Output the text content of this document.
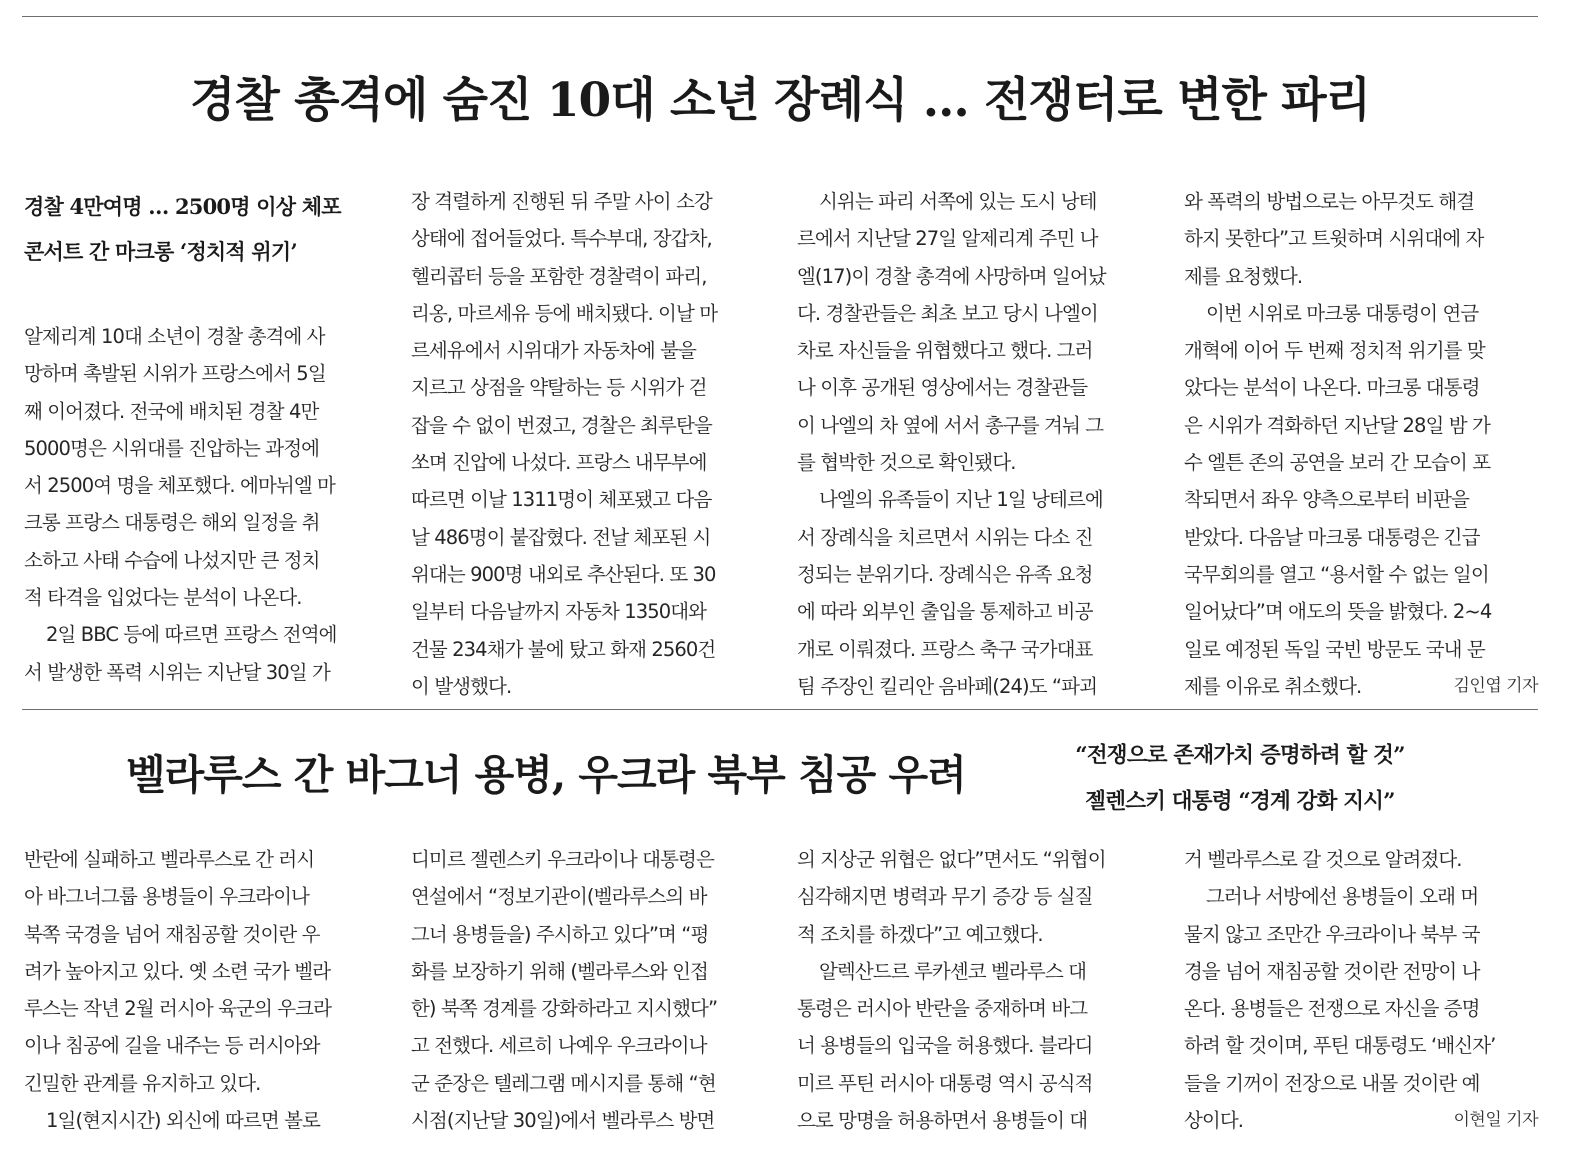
경찰 총격에 숨진 10대 소년 장례식 … 전쟁터로 변한 파리
경찰 4만여명 … 2500명 이상 체포
콘서트 간 마크롱 ‘정치적 위기’
알제리계 10대 소년이 경찰 총격에 사
망하며 촉발된 시위가 프랑스에서 5일
째 이어졌다. 전국에 배치된 경찰 4만
5000명은 시위대를 진압하는 과정에
서 2500여 명을 체포했다. 에마뉘엘 마
크롱 프랑스 대통령은 해외 일정을 취
소하고 사태 수습에 나섰지만 큰 정치
적 타격을 입었다는 분석이 나온다.
2일 BBC 등에 따르면 프랑스 전역에
서 발생한 폭력 시위는 지난달 30일 가
장 격렬하게 진행된 뒤 주말 사이 소강
상태에 접어들었다. 특수부대, 장갑차,
헬리콥터 등을 포함한 경찰력이 파리,
리옹, 마르세유 등에 배치됐다. 이날 마
르세유에서 시위대가 자동차에 불을
지르고 상점을 약탈하는 등 시위가 걷
잡을 수 없이 번졌고, 경찰은 최루탄을
쏘며 진압에 나섰다. 프랑스 내무부에
따르면 이날 1311명이 체포됐고 다음
날 486명이 붙잡혔다. 전날 체포된 시
위대는 900명 내외로 추산된다. 또 30
일부터 다음날까지 자동차 1350대와
건물 234채가 불에 탔고 화재 2560건
이 발생했다.
시위는 파리 서쪽에 있는 도시 낭테
르에서 지난달 27일 알제리계 주민 나
엘(17)이 경찰 총격에 사망하며 일어났
다. 경찰관들은 최초 보고 당시 나엘이
차로 자신들을 위협했다고 했다. 그러
나 이후 공개된 영상에서는 경찰관들
이 나엘의 차 옆에 서서 총구를 겨눠 그
를 협박한 것으로 확인됐다.
나엘의 유족들이 지난 1일 낭테르에
서 장례식을 치르면서 시위는 다소 진
정되는 분위기다. 장례식은 유족 요청
에 따라 외부인 출입을 통제하고 비공
개로 이뤄졌다. 프랑스 축구 국가대표
팀 주장인 킬리안 음바페(24)도 “파괴
와 폭력의 방법으로는 아무것도 해결
하지 못한다”고 트윗하며 시위대에 자
제를 요청했다.
이번 시위로 마크롱 대통령이 연금
개혁에 이어 두 번째 정치적 위기를 맞
았다는 분석이 나온다. 마크롱 대통령
은 시위가 격화하던 지난달 28일 밤 가
수 엘튼 존의 공연을 보러 간 모습이 포
착되면서 좌우 양측으로부터 비판을
받았다. 다음날 마크롱 대통령은 긴급
국무회의를 열고 “용서할 수 없는 일이
일어났다”며 애도의 뜻을 밝혔다. 2~4
일로 예정된 독일 국빈 방문도 국내 문
제를 이유로 취소했다.	김인엽 기자
벨라루스 간 바그너 용병, 우크라 북부 침공 우려	“전쟁으로 존재가치 증명하려 할 것”
젤렌스키 대통령 “경계 강화 지시”
반란에 실패하고 벨라루스로 간 러시
아 바그너그룹 용병들이 우크라이나
북쪽 국경을 넘어 재침공할 것이란 우
려가 높아지고 있다. 옛 소련 국가 벨라
루스는 작년 2월 러시아 육군의 우크라
이나 침공에 길을 내주는 등 러시아와
긴밀한 관계를 유지하고 있다.
1일(현지시간) 외신에 따르면 볼로
디미르 젤렌스키 우크라이나 대통령은
연설에서 “정보기관이(벨라루스의 바
그너 용병들을) 주시하고 있다”며 “평
화를 보장하기 위해 (벨라루스와 인접
한) 북쪽 경계를 강화하라고 지시했다”
고 전했다. 세르히 나예우 우크라이나
군 준장은 텔레그램 메시지를 통해 “현
시점(지난달 30일)에서 벨라루스 방면
의 지상군 위협은 없다”면서도 “위협이
심각해지면 병력과 무기 증강 등 실질
적 조치를 하겠다”고 예고했다.
알렉산드르 루카셴코 벨라루스 대
통령은 러시아 반란을 중재하며 바그
너 용병들의 입국을 허용했다. 블라디
미르 푸틴 러시아 대통령 역시 공식적
으로 망명을 허용하면서 용병들이 대
거 벨라루스로 갈 것으로 알려졌다.
그러나 서방에선 용병들이 오래 머
물지 않고 조만간 우크라이나 북부 국
경을 넘어 재침공할 것이란 전망이 나
온다. 용병들은 전쟁으로 자신을 증명
하려 할 것이며, 푸틴 대통령도 ‘배신자’
들을 기꺼이 전장으로 내몰 것이란 예
상이다.	이현일 기자
